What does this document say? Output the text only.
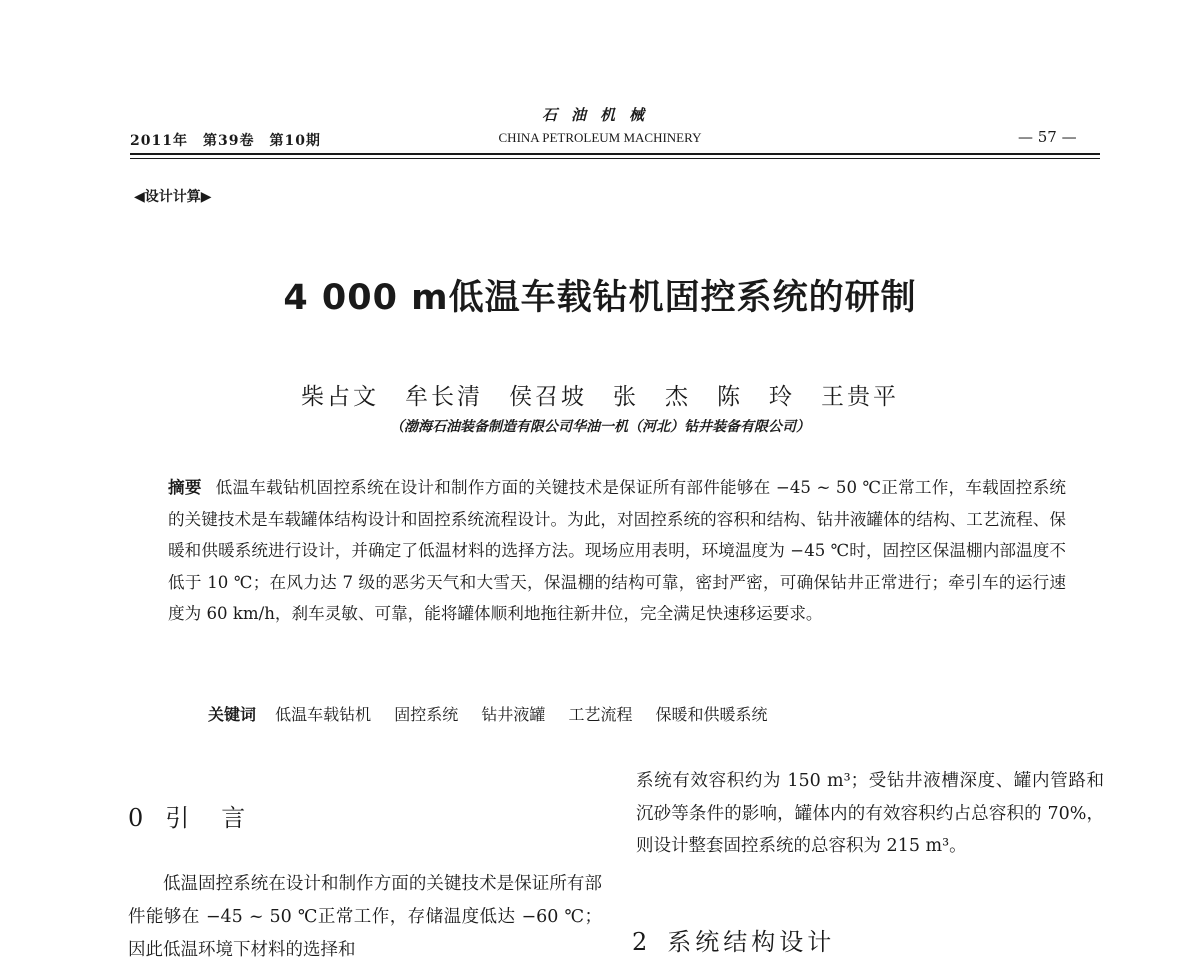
石油机械
2011年　第39卷　第10期	CHINA PETROLEUM MACHINERY	— 57 —
◀设计计算▶
4 000 m低温车载钻机固控系统的研制
柴占文　牟长清　侯召坡　张　杰　陈　玲　王贵平
（渤海石油装备制造有限公司华油一机（河北）钻井装备有限公司）
摘要 低温车载钻机固控系统在设计和制作方面的关键技术是保证所有部件能够在 −45 ~ 50 ℃正常工作，车载固控系统的关键技术是车载罐体结构设计和固控系统流程设计。为此，对固控系统的容积和结构、钻井液罐体的结构、工艺流程、保暖和供暖系统进行设计，并确定了低温材料的选择方法。现场应用表明，环境温度为 −45 ℃时，固控区保温棚内部温度不低于 10 ℃；在风力达 7 级的恶劣天气和大雪天，保温棚的结构可靠，密封严密，可确保钻井正常进行；牵引车的运行速度为 60 km/h，刹车灵敏、可靠，能将罐体顺利地拖往新井位，完全满足快速移运要求。
关键词 低温车载钻机 固控系统 钻井液罐 工艺流程 保暖和供暖系统
0 引　言

低温固控系统在设计和制作方面的关键技术是保证所有部件能够在 −45 ~ 50 ℃正常工作，存储温度低达 −60 ℃；因此低温环境下材料的选择和

系统有效容积约为 150 m³；受钻井液槽深度、罐内管路和沉砂等条件的影响，罐体内的有效容积约占总容积的 70%，则设计整套固控系统的总容积为 215 m³。

2 系统结构设计
